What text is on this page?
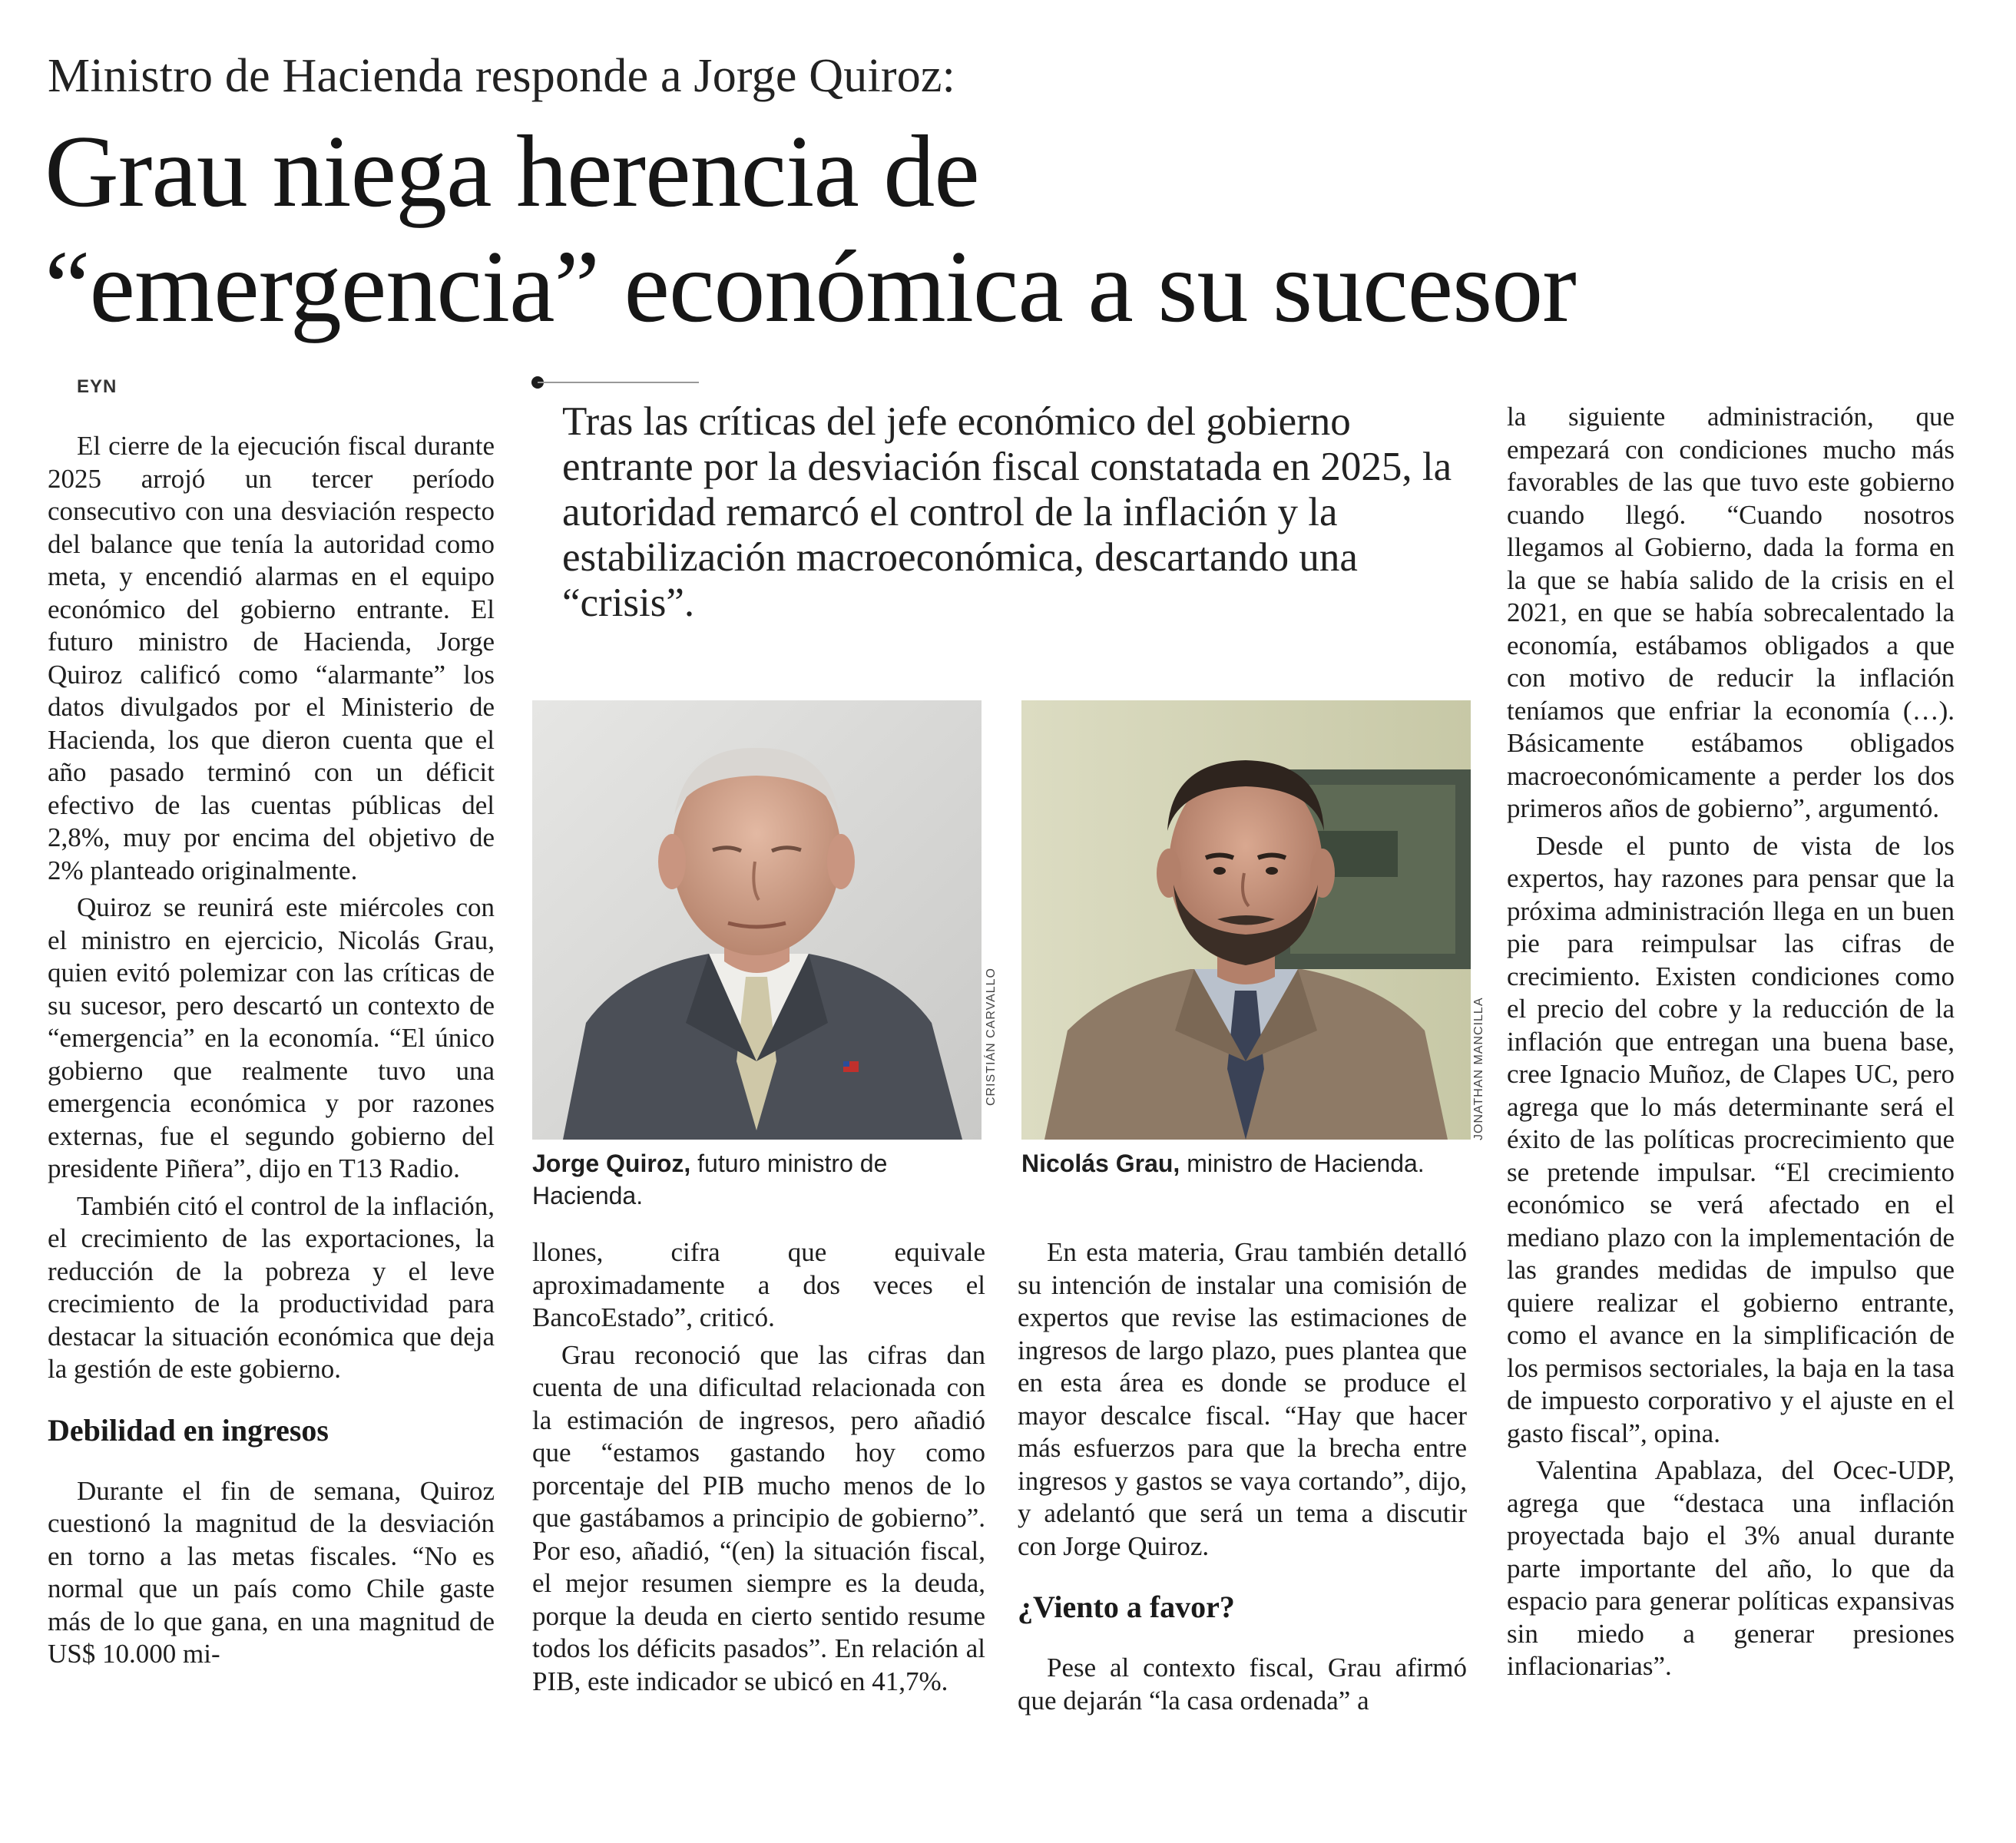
Ministro de Hacienda responde a Jorge Quiroz:
Grau niega herencia de
“emergencia” económica a su sucesor
EYN
Tras las críticas del jefe económico del gobierno entrante por la desviación fiscal constatada en 2025, la autoridad remarcó el control de la inflación y la estabilización macroeconómica, descartando una “crisis”.

El cierre de la ejecución fiscal durante 2025 arrojó un tercer período consecutivo con una desviación respecto del balance que tenía la autoridad como meta, y encendió alarmas en el equipo económico del gobierno entrante. El futuro ministro de Hacienda, Jorge Quiroz calificó como “alarmante” los datos divulgados por el Ministerio de Hacienda, los que dieron cuenta que el año pasado terminó con un déficit efectivo de las cuentas públicas del 2,8%, muy por encima del objetivo de 2% planteado originalmente.

Quiroz se reunirá este miércoles con el ministro en ejercicio, Nicolás Grau, quien evitó polemizar con las críticas de su sucesor, pero descartó un contexto de “emergencia” en la economía. “El único gobierno que realmente tuvo una emergencia económica y por razones externas, fue el segundo gobierno del presidente Piñera”, dijo en T13 Radio.

También citó el control de la inflación, el crecimiento de las exportaciones, la reducción de la pobreza y el leve crecimiento de la productividad para destacar la situación económica que deja la gestión de este gobierno.

Debilidad en ingresos

Durante el fin de semana, Quiroz cuestionó la magnitud de la desviación en torno a las metas fiscales. “No es normal que un país como Chile gaste más de lo que gana, en una magnitud de US$ 10.000 mi-

CRISTIÁN CARVALLO
Jorge Quiroz, futuro ministro de Hacienda.
JONATHAN MANCILLA
Nicolás Grau, ministro de Hacienda.

llones, cifra que equivale aproximadamente a dos veces el BancoEstado”, criticó.

Grau reconoció que las cifras dan cuenta de una dificultad relacionada con la estimación de ingresos, pero añadió que “estamos gastando hoy como porcentaje del PIB mucho menos de lo que gastábamos a principio de gobierno”. Por eso, añadió, “(en) la situación fiscal, el mejor resumen siempre es la deuda, porque la deuda en cierto sentido resume todos los déficits pasados”. En relación al PIB, este indicador se ubicó en 41,7%.

En esta materia, Grau también detalló su intención de instalar una comisión de expertos que revise las estimaciones de ingresos de largo plazo, pues plantea que en esta área es donde se produce el mayor descalce fiscal. “Hay que hacer más esfuerzos para que la brecha entre ingresos y gastos se vaya cortando”, dijo, y adelantó que será un tema a discutir con Jorge Quiroz.

¿Viento a favor?

Pese al contexto fiscal, Grau afirmó que dejarán “la casa ordenada” a

la siguiente administración, que empezará con condiciones mucho más favorables de las que tuvo este gobierno cuando llegó. “Cuando nosotros llegamos al Gobierno, dada la forma en la que se había salido de la crisis en el 2021, en que se había sobrecalentado la economía, estábamos obligados a que con motivo de reducir la inflación teníamos que enfriar la economía (…). Básicamente estábamos obligados macroeconómicamente a perder los dos primeros años de gobierno”, argumentó.

Desde el punto de vista de los expertos, hay razones para pensar que la próxima administración llega en un buen pie para reimpulsar las cifras de crecimiento. Existen condiciones como el precio del cobre y la reducción de la inflación que entregan una buena base, cree Ignacio Muñoz, de Clapes UC, pero agrega que lo más determinante será el éxito de las políticas procrecimiento que se pretende impulsar. “El crecimiento económico se verá afectado en el mediano plazo con la implementación de las grandes medidas de impulso que quiere realizar el gobierno entrante, como el avance en la simplificación de los permisos sectoriales, la baja en la tasa de impuesto corporativo y el ajuste en el gasto fiscal”, opina.

Valentina Apablaza, del Ocec-UDP, agrega que “destaca una inflación proyectada bajo el 3% anual durante parte importante del año, lo que da espacio para generar políticas expansivas sin miedo a generar presiones inflacionarias”.
